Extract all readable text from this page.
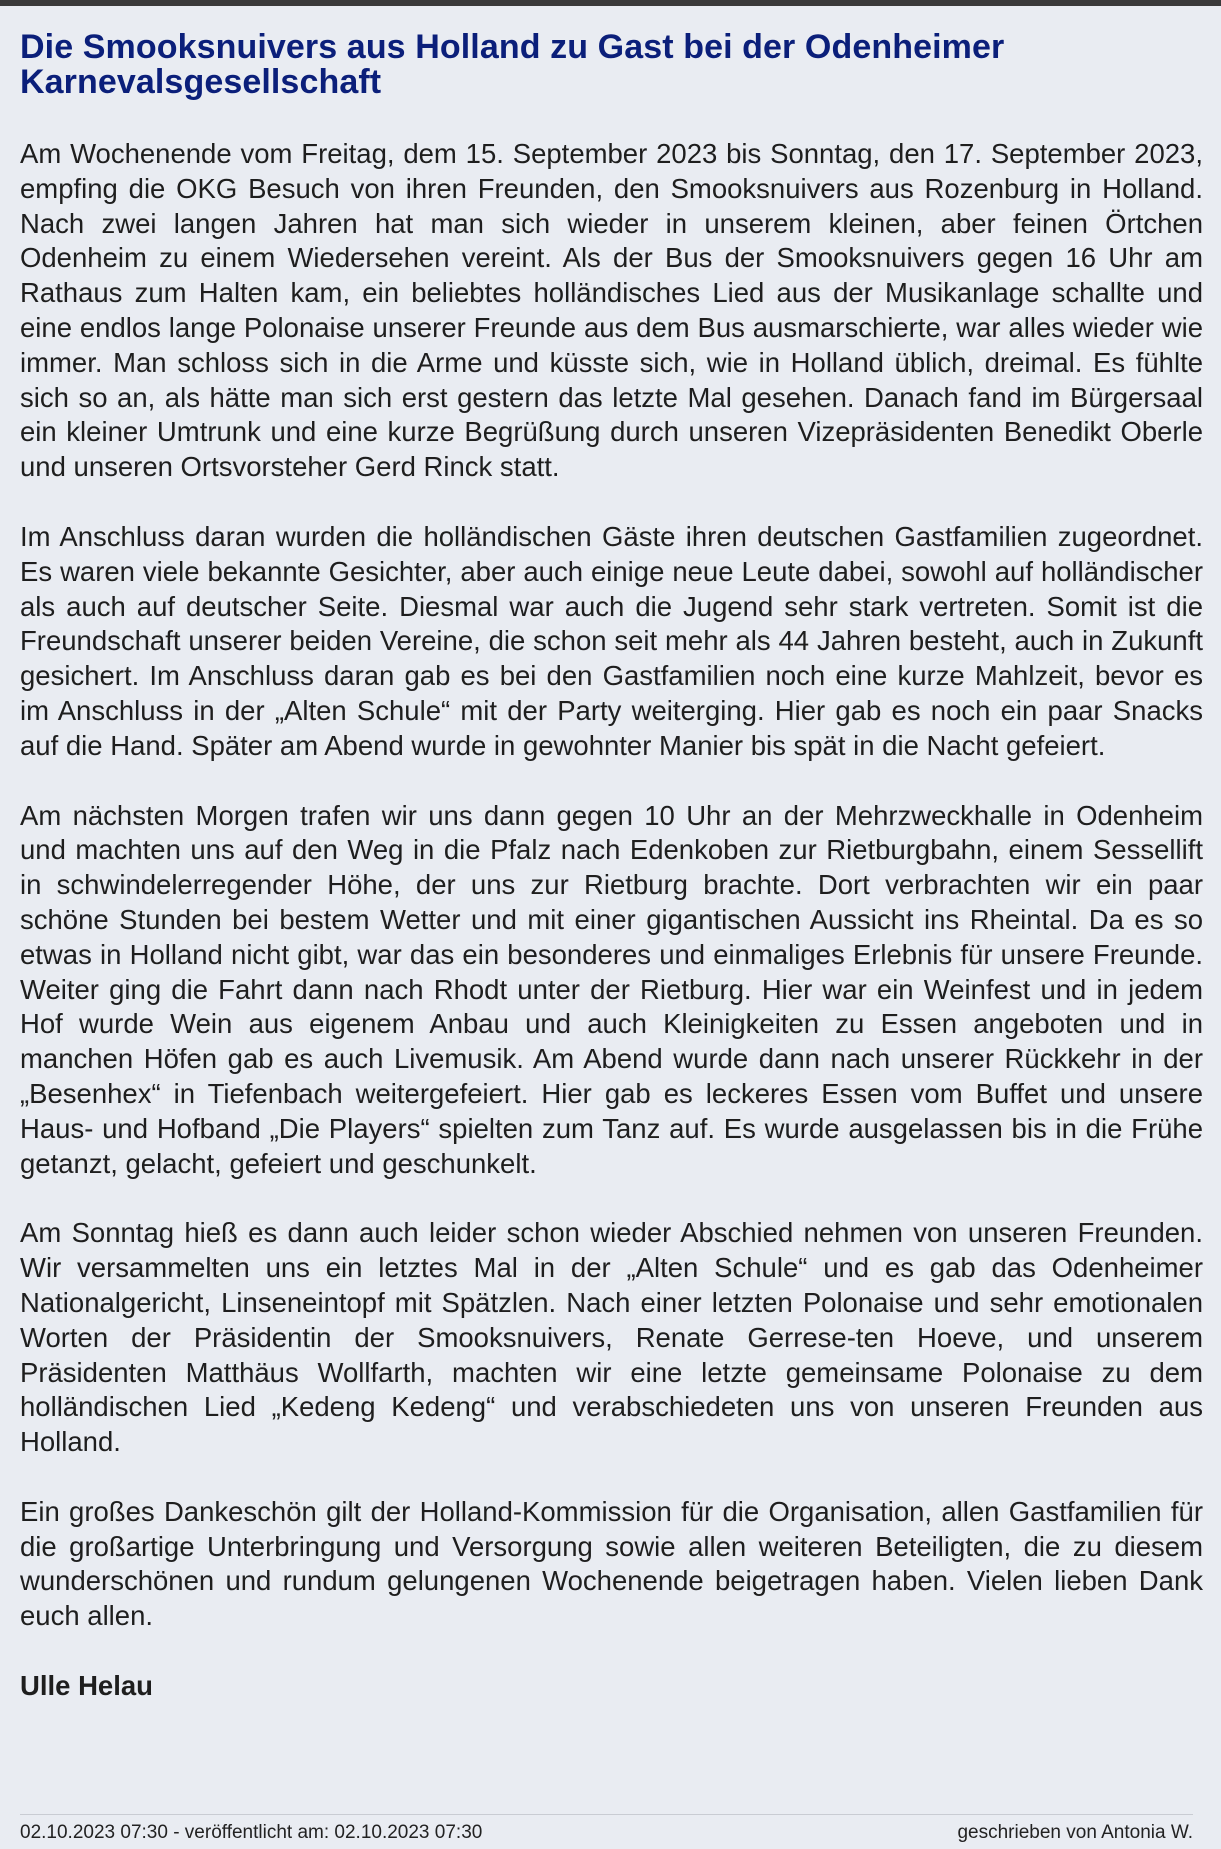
Die Smooksnuivers aus Holland zu Gast bei der Odenheimer Karnevalsgesellschaft

Am Wochenende vom Freitag, dem 15. September 2023 bis Sonntag, den 17. September 2023, empfing die OKG Besuch von ihren Freunden, den Smooksnuivers aus Rozenburg in Holland. Nach zwei langen Jahren hat man sich wieder in unserem kleinen, aber feinen Örtchen Odenheim zu einem Wiedersehen vereint. Als der Bus der Smooksnuivers gegen 16 Uhr am Rathaus zum Halten kam, ein beliebtes holländisches Lied aus der Musikanlage schallte und eine endlos lange Polonaise unserer Freunde aus dem Bus ausmarschierte, war alles wieder wie immer. Man schloss sich in die Arme und küsste sich, wie in Holland üblich, dreimal. Es fühlte sich so an, als hätte man sich erst gestern das letzte Mal gesehen. Danach fand im Bürgersaal ein kleiner Umtrunk und eine kurze Begrüßung durch unseren Vizepräsidenten Benedikt Oberle und unseren Ortsvorsteher Gerd Rinck statt.

Im Anschluss daran wurden die holländischen Gäste ihren deutschen Gastfamilien zugeordnet. Es waren viele bekannte Gesichter, aber auch einige neue Leute dabei, sowohl auf holländischer als auch auf deutscher Seite. Diesmal war auch die Jugend sehr stark vertreten. Somit ist die Freundschaft unserer beiden Vereine, die schon seit mehr als 44 Jahren besteht, auch in Zukunft gesichert. Im Anschluss daran gab es bei den Gastfamilien noch eine kurze Mahlzeit, bevor es im Anschluss in der „Alten Schule“ mit der Party weiterging. Hier gab es noch ein paar Snacks auf die Hand. Später am Abend wurde in gewohnter Manier bis spät in die Nacht gefeiert.

Am nächsten Morgen trafen wir uns dann gegen 10 Uhr an der Mehrzweckhalle in Odenheim und machten uns auf den Weg in die Pfalz nach Edenkoben zur Rietburgbahn, einem Sessellift in schwindelerregender Höhe, der uns zur Rietburg brachte. Dort verbrachten wir ein paar schöne Stunden bei bestem Wetter und mit einer gigantischen Aussicht ins Rheintal. Da es so etwas in Holland nicht gibt, war das ein besonderes und einmaliges Erlebnis für unsere Freunde. Weiter ging die Fahrt dann nach Rhodt unter der Rietburg. Hier war ein Weinfest und in jedem Hof wurde Wein aus eigenem Anbau und auch Kleinigkeiten zu Essen angeboten und in manchen Höfen gab es auch Livemusik. Am Abend wurde dann nach unserer Rückkehr in der „Besenhex“ in Tiefenbach weitergefeiert. Hier gab es leckeres Essen vom Buffet und unsere Haus- und Hofband „Die Players“ spielten zum Tanz auf. Es wurde ausgelassen bis in die Frühe getanzt, gelacht, gefeiert und geschunkelt.

Am Sonntag hieß es dann auch leider schon wieder Abschied nehmen von unseren Freunden. Wir versammelten uns ein letztes Mal in der „Alten Schule“ und es gab das Odenheimer Nationalgericht, Linseneintopf mit Spätzlen. Nach einer letzten Polonaise und sehr emotionalen Worten der Präsidentin der Smooksnuivers, Renate Gerrese-ten Hoeve, und unserem Präsidenten Matthäus Wollfarth, machten wir eine letzte gemeinsame Polonaise zu dem holländischen Lied „Kedeng Kedeng“ und verabschiedeten uns von unseren Freunden aus Holland.

Ein großes Dankeschön gilt der Holland-Kommission für die Organisation, allen Gastfamilien für die großartige Unterbringung und Versorgung sowie allen weiteren Beteiligten, die zu diesem wunderschönen und rundum gelungenen Wochenende beigetragen haben. Vielen lieben Dank euch allen.

Ulle Helau

02.10.2023 07:30 - veröffentlicht am: 02.10.2023 07:30	geschrieben von Antonia W.
